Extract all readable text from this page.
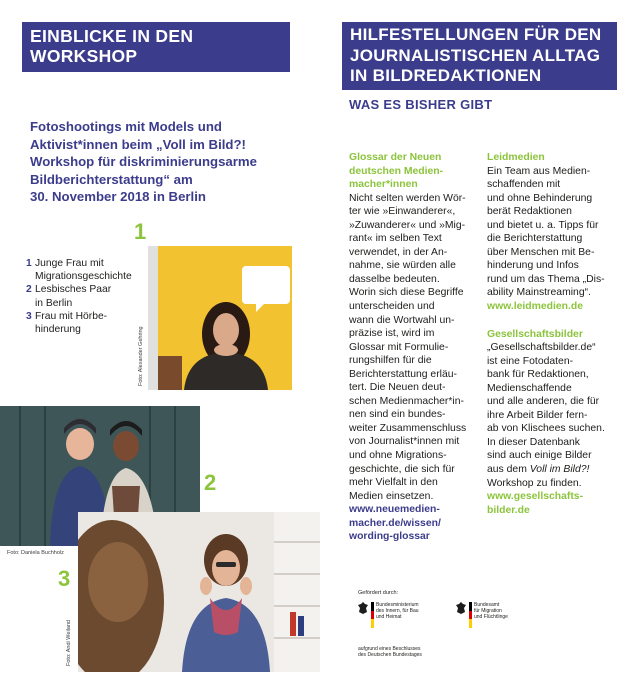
EINBLICKE IN DEN
WORKSHOP
HILFESTELLUNGEN FÜR DEN
JOURNALISTISCHEN ALLTAG
IN BILDREDAKTIONEN
WAS ES BISHER GIBT
Fotoshootings mit Models und
Aktivist*innen beim „Voll im Bild?!
Workshop für diskriminierungsarme
Bildberichterstattung“ am
30. November 2018 in Berlin
1 Junge Frau mit
Migrationsgeschichte
2 Lesbisches Paar
in Berlin
3 Frau mit Hörbe-
hinderung
1
Foto: Alexander Gehring
2
Foto: Daniela Buchholz
3
Foto: Andi Weiland
Glossar der Neuen
deutschen Medien-
macher*innen
Nicht selten werden Wör-
ter wie »Einwanderer«,
»Zuwanderer« und »Mig-
rant« im selben Text
verwendet, in der An-
nahme, sie würden alle
dasselbe bedeuten.
Worin sich diese Begriffe
unterscheiden und
wann die Wortwahl un-
präzise ist, wird im
Glossar mit Formulie-
rungshilfen für die
Berichterstattung erläu-
tert. Die Neuen deut-
schen Medienmacher*in-
nen sind ein bundes-
weiter Zusammenschluss
von Journalist*innen mit
und ohne Migrations-
geschichte, die sich für
mehr Vielfalt in den
Medien einsetzen.
www.neuemedien-
macher.de/wissen/
wording-glossar
Leidmedien
Ein Team aus Medien-
schaffenden mit
und ohne Behinderung
berät Redaktionen
und bietet u. a. Tipps für
die Berichterstattung
über Menschen mit Be-
hinderung und Infos
rund um das Thema „Dis-
ability Mainstreaming“.
www.leidmedien.de
Gesellschaftsbilder
„Gesellschaftsbilder.de“
ist eine Fotodaten-
bank für Redaktionen,
Medienschaffende
und alle anderen, die für
ihre Arbeit Bilder fern-
ab von Klischees suchen.
In dieser Datenbank
sind auch einige Bilder
aus dem Voll im Bild?!
Workshop zu finden.
www.gesellschafts-
bilder.de
Gefördert durch:
Bundesministerium
des Innern, für Bau
und Heimat
Bundesamt
für Migration
und Flüchtlinge
aufgrund eines Beschlusses
des Deutschen Bundestages
